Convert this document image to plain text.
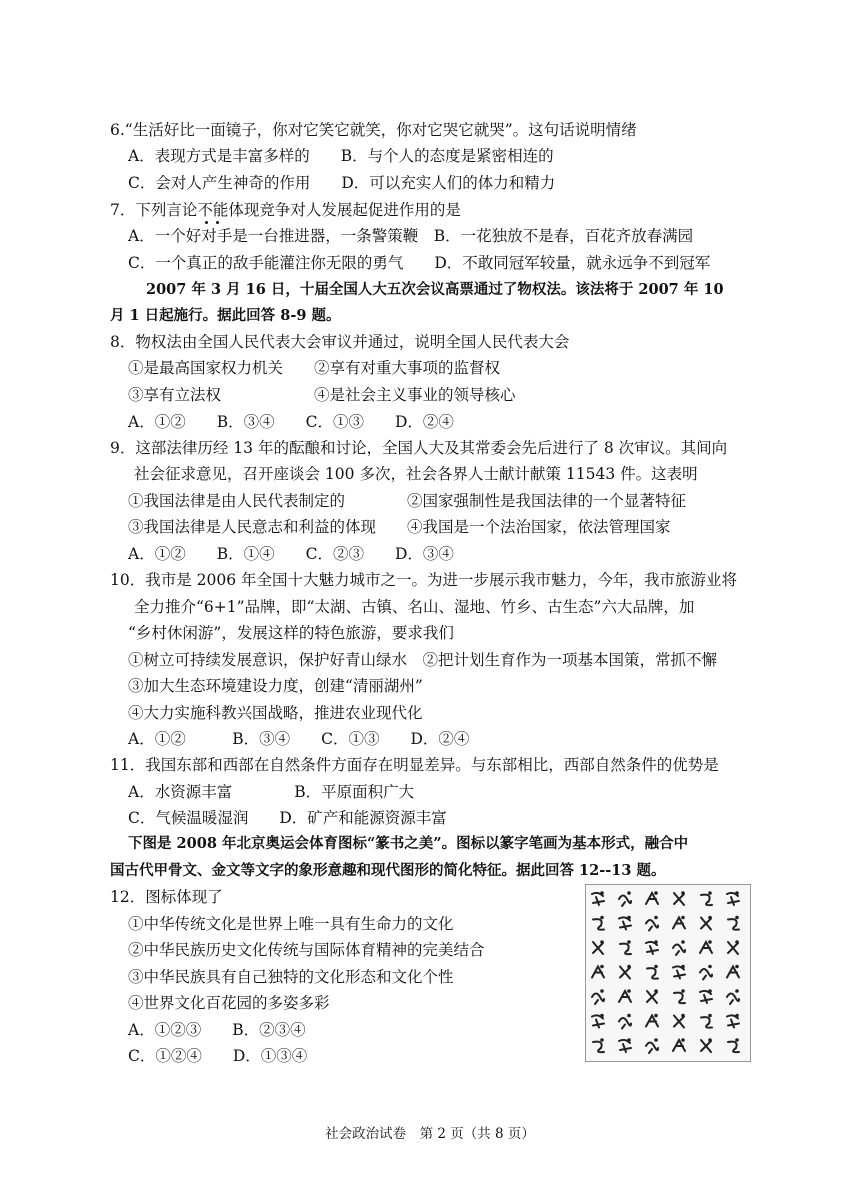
6.“生活好比一面镜子，你对它笑它就笑，你对它哭它就哭”。这句话说明情绪
A．表现方式是丰富多样的　　B．与个人的态度是紧密相连的
C．会对人产生神奇的作用　　D．可以充实人们的体力和精力
7．下列言论不能体现竞争对人发展起促进作用的是
A．一个好对手是一台推进器，一条警策鞭　B．一花独放不是春，百花齐放春满园
C．一个真正的敌手能灌注你无限的勇气　　D．不敢同冠军较量，就永远争不到冠军
2007 年 3 月 16 日，十届全国人大五次会议高票通过了物权法。该法将于 2007 年 10
月 1 日起施行。据此回答 8-9 题。
8．物权法由全国人民代表大会审议并通过，说明全国人民代表大会
①是最高国家权力机关　　②享有对重大事项的监督权
③享有立法权　　　　　　④是社会主义事业的领导核心
A．①②　　B．③④　　C．①③　　D．②④
9．这部法律历经 13 年的酝酿和讨论，全国人大及其常委会先后进行了 8 次审议。其间向
社会征求意见，召开座谈会 100 多次，社会各界人士献计献策 11543 件。这表明
①我国法律是由人民代表制定的　　　　②国家强制性是我国法律的一个显著特征
③我国法律是人民意志和利益的体现　　④我国是一个法治国家，依法管理国家
A．①②　　B．①④　　C．②③　　D．③④
10．我市是 2006 年全国十大魅力城市之一。为进一步展示我市魅力，今年，我市旅游业将
全力推介“6+1”品牌，即“太湖、古镇、名山、湿地、竹乡、古生态”六大品牌，加
“乡村休闲游”，发展这样的特色旅游，要求我们
①树立可持续发展意识，保护好青山绿水　②把计划生育作为一项基本国策，常抓不懈
③加大生态环境建设力度，创建“清丽湖州”
④大力实施科教兴国战略，推进农业现代化
A．①②　　　B．③④　　C．①③　　D．②④
11．我国东部和西部在自然条件方面存在明显差异。与东部相比，西部自然条件的优势是
A．水资源丰富　　　　B．平原面积广大
C．气候温暖湿润　　D．矿产和能源资源丰富
下图是 2008 年北京奥运会体育图标“篆书之美”。图标以篆字笔画为基本形式，融合中
国古代甲骨文、金文等文字的象形意趣和现代图形的简化特征。据此回答 12--13 题。
12．图标体现了
①中华传统文化是世界上唯一具有生命力的文化
②中华民族历史文化传统与国际体育精神的完美结合
③中华民族具有自己独特的文化形态和文化个性
④世界文化百花园的多姿多彩
A．①②③　　B．②③④
C．①②④　　D．①③④
社会政治试卷　第 2 页（共 8 页）
